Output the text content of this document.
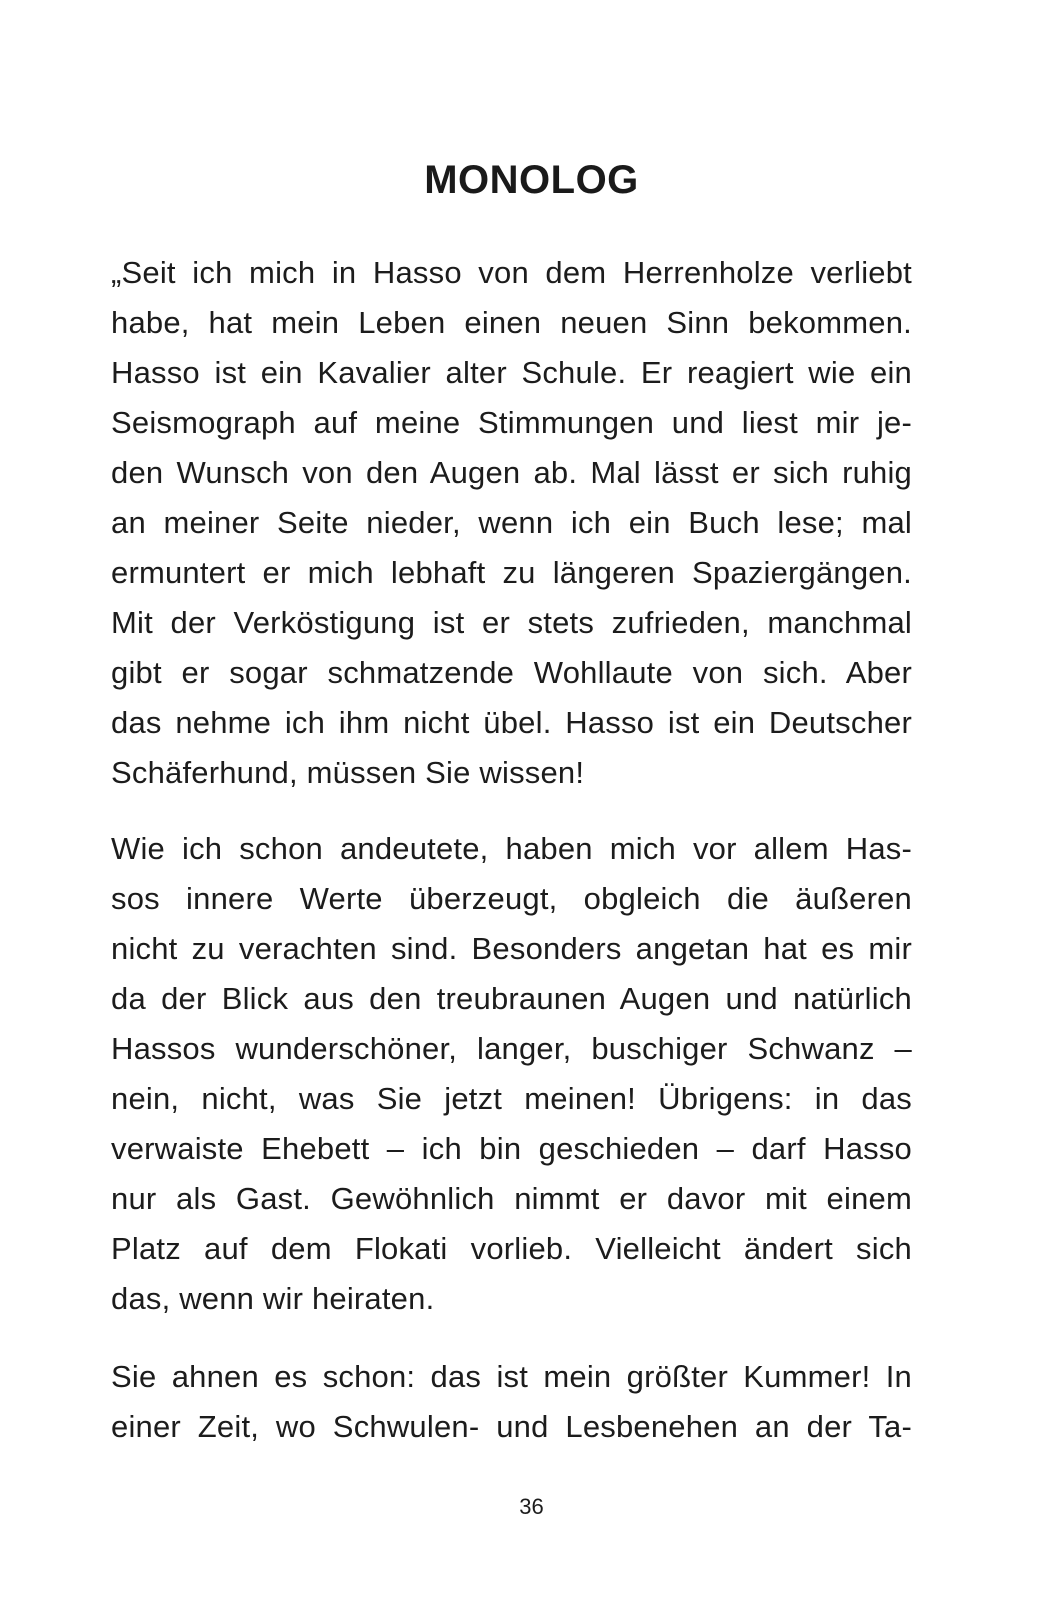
MONOLOG
„Seit ich mich in Hasso von dem Herrenholze verliebt
habe, hat mein Leben einen neuen Sinn bekommen.
Hasso ist ein Kavalier alter Schule. Er reagiert wie ein
Seismograph auf meine Stimmungen und liest mir je-
den Wunsch von den Augen ab. Mal lässt er sich ruhig
an meiner Seite nieder, wenn ich ein Buch lese; mal
ermuntert er mich lebhaft zu längeren Spaziergängen.
Mit der Verköstigung ist er stets zufrieden, manchmal
gibt er sogar schmatzende Wohllaute von sich. Aber
das nehme ich ihm nicht übel. Hasso ist ein Deutscher
Schäferhund, müssen Sie wissen!
Wie ich schon andeutete, haben mich vor allem Has-
sos innere Werte überzeugt, obgleich die äußeren
nicht zu verachten sind. Besonders angetan hat es mir
da der Blick aus den treubraunen Augen und natürlich
Hassos wunderschöner, langer, buschiger Schwanz –
nein, nicht, was Sie jetzt meinen! Übrigens: in das
verwaiste Ehebett – ich bin geschieden – darf Hasso
nur als Gast. Gewöhnlich nimmt er davor mit einem
Platz auf dem Flokati vorlieb. Vielleicht ändert sich
das, wenn wir heiraten.
Sie ahnen es schon: das ist mein größter Kummer! In
einer Zeit, wo Schwulen- und Lesbenehen an der Ta-
36
